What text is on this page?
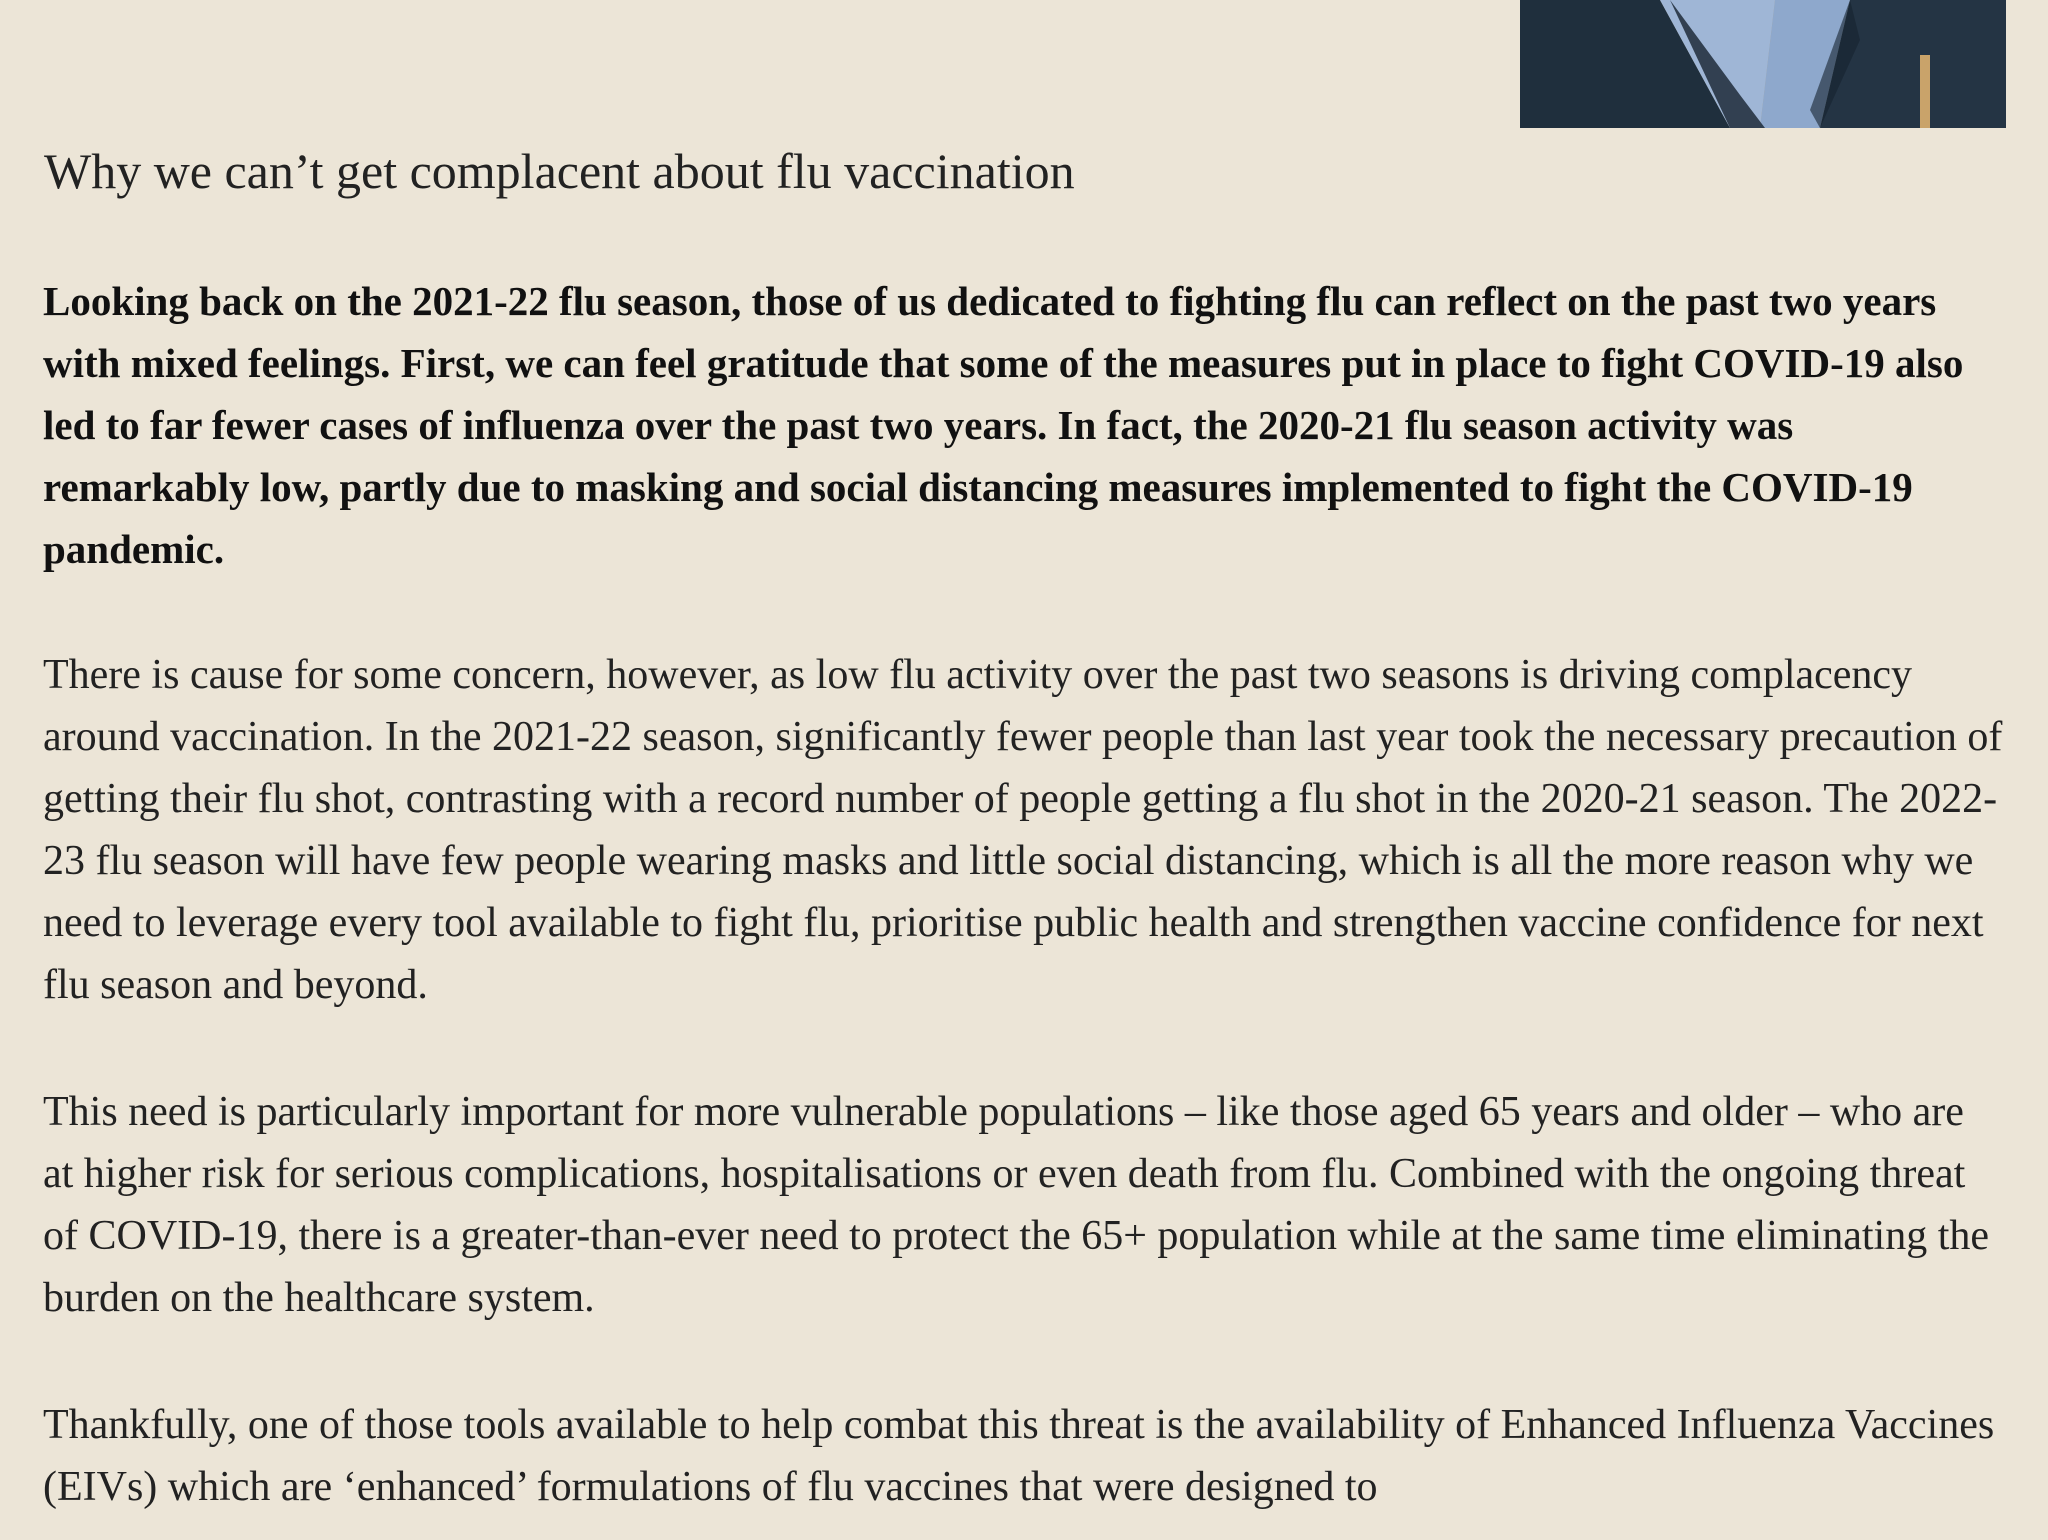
Why we can’t get complacent about flu vaccination

Looking back on the 2021-22 flu season, those of us dedicated to fighting flu can reflect on the past two years with mixed feelings. First, we can feel gratitude that some of the measures put in place to fight COVID-19 also led to far fewer cases of influenza over the past two years. In fact, the 2020-21 flu season activity was remarkably low, partly due to masking and social distancing measures implemented to fight the COVID-19 pandemic.

There is cause for some concern, however, as low flu activity over the past two seasons is driving complacency around vaccination. In the 2021-22 season, significantly fewer people than last year took the necessary precaution of getting their flu shot, contrasting with a record number of people getting a flu shot in the 2020-21 season. The 2022-23 flu season will have few people wearing masks and little social distancing, which is all the more reason why we need to leverage every tool available to fight flu, prioritise public health and strengthen vaccine confidence for next flu season and beyond.

This need is particularly important for more vulnerable populations – like those aged 65 years and older – who are at higher risk for serious complications, hospitalisations or even death from flu. Combined with the ongoing threat of COVID-19, there is a greater-than-ever need to protect the 65+ population while at the same time eliminating the burden on the healthcare system.

Thankfully, one of those tools available to help combat this threat is the availability of Enhanced Influenza Vaccines (EIVs) which are ‘enhanced’ formulations of flu vaccines that were designed to
